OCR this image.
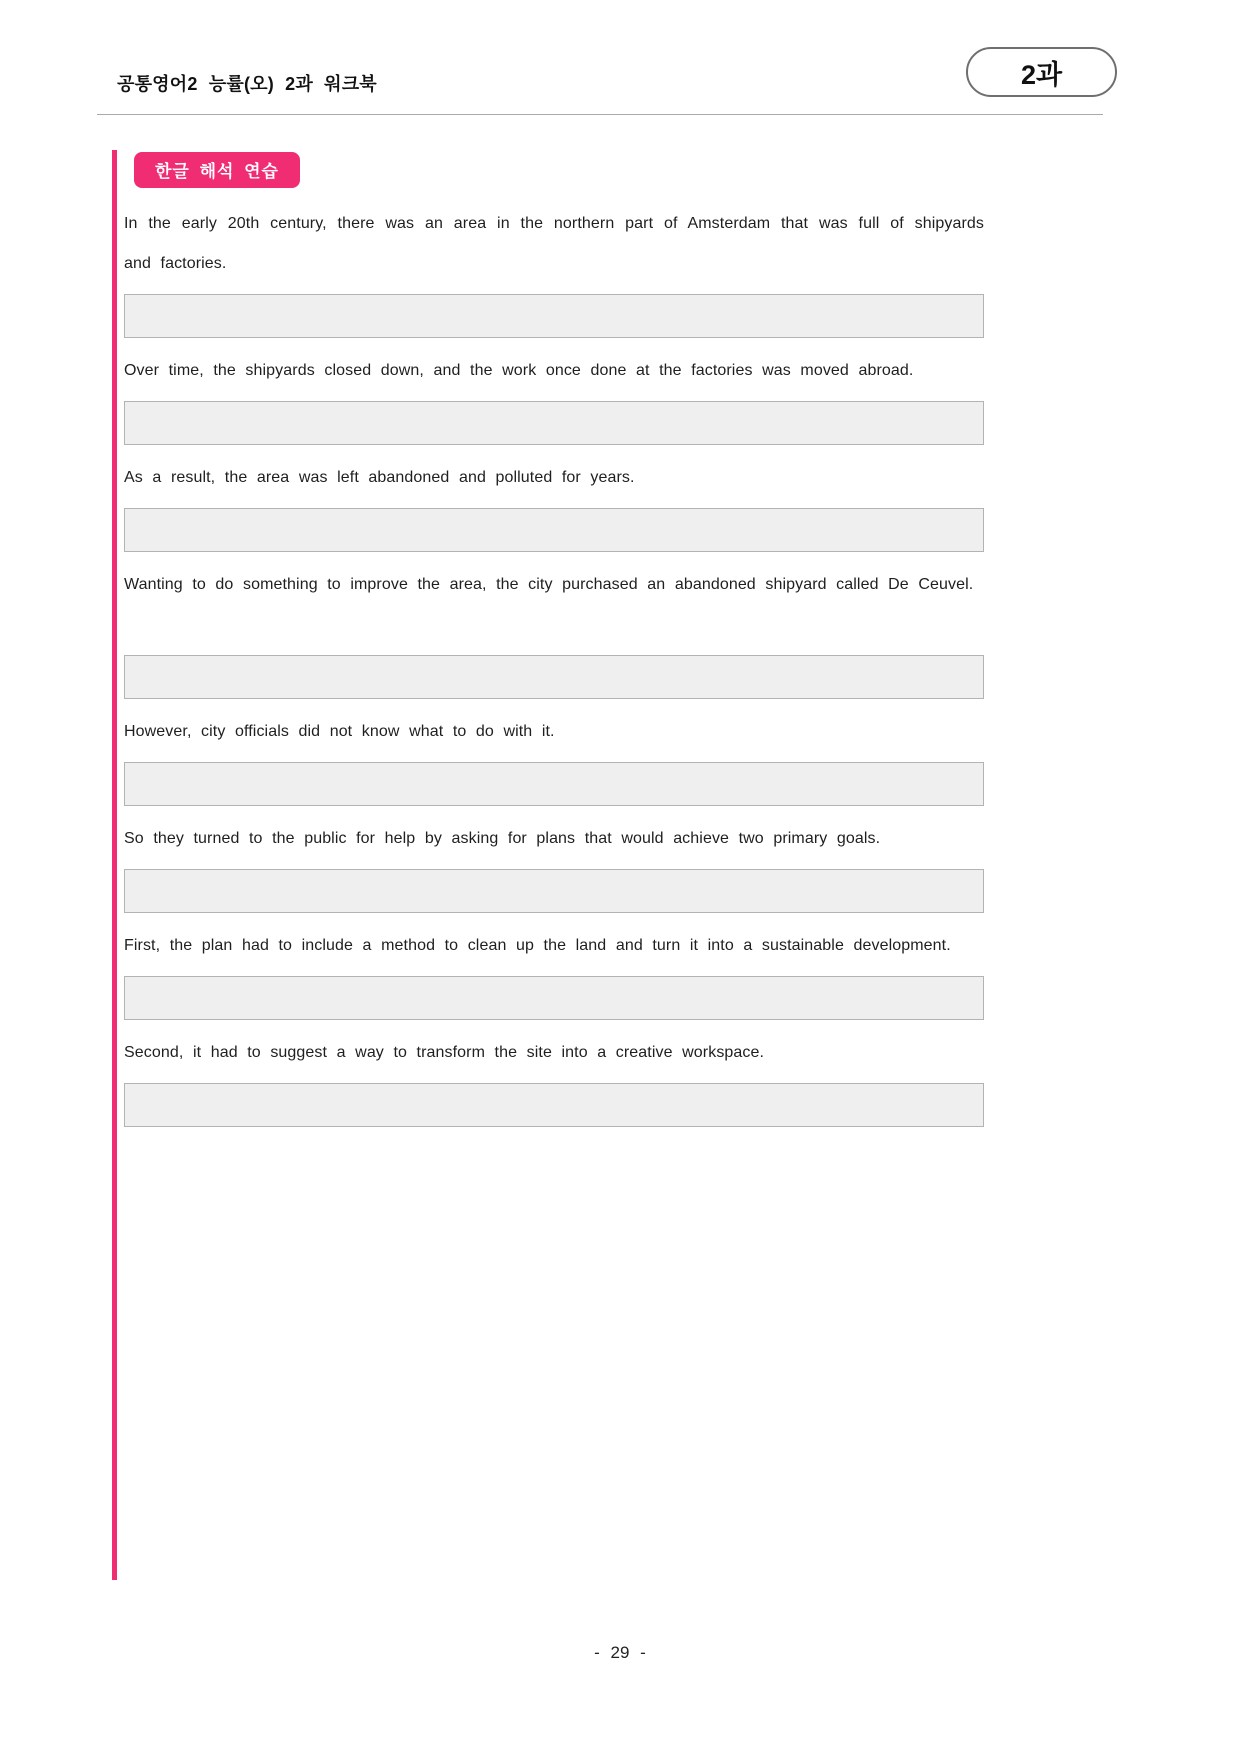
공통영어2 능률(오) 2과 워크북	2과
한글 해석 연습

In the early 20th century, there was an area in the northern part of Amsterdam that was full of shipyards and factories.

Over time, the shipyards closed down, and the work once done at the factories was moved abroad.

As a result, the area was left abandoned and polluted for years.

Wanting to do something to improve the area, the city purchased an abandoned shipyard called De Ceuvel.

However, city officials did not know what to do with it.

So they turned to the public for help by asking for plans that would achieve two primary goals.

First, the plan had to include a method to clean up the land and turn it into a sustainable development.

Second, it had to suggest a way to transform the site into a creative workspace.

- 29 -
